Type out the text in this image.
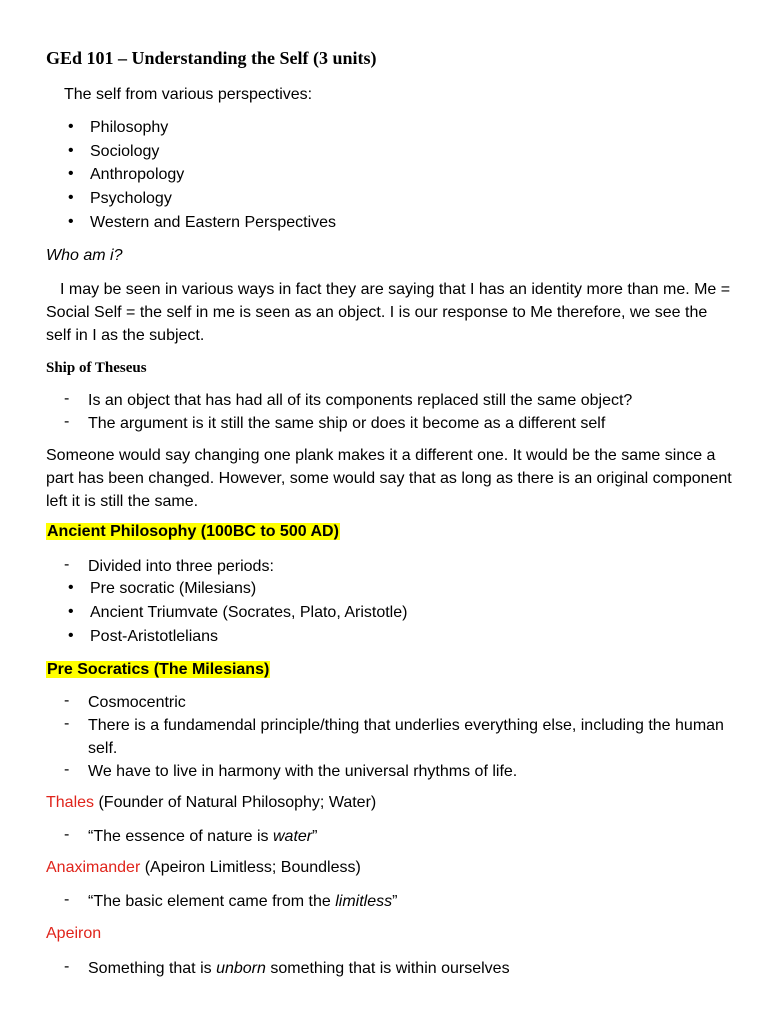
GEd 101 – Understanding the Self (3 units)
The self from various perspectives:
• Philosophy
• Sociology
• Anthropology
• Psychology
• Western and Eastern Perspectives
Who am i?
I may be seen in various ways in fact they are saying that I has an identity more than me. Me = Social Self = the self in me is seen as an object. I is our response to Me therefore, we see the self in I as the subject.
Ship of Theseus
- Is an object that has had all of its components replaced still the same object?
- The argument is it still the same ship or does it become as a different self
Someone would say changing one plank makes it a different one. It would be the same since a part has been changed. However, some would say that as long as there is an original component left it is still the same.
Ancient Philosophy (100BC to 500 AD)
- Divided into three periods:
• Pre socratic (Milesians)
• Ancient Triumvate (Socrates, Plato, Aristotle)
• Post-Aristotlelians
Pre Socratics (The Milesians)
- Cosmocentric
- There is a fundamendal principle/thing that underlies everything else, including the human self.
- We have to live in harmony with the universal rhythms of life.
Thales (Founder of Natural Philosophy; Water)
- “The essence of nature is water”
Anaximander (Apeiron Limitless; Boundless)
- “The basic element came from the limitless”
Apeiron
- Something that is unborn something that is within ourselves
